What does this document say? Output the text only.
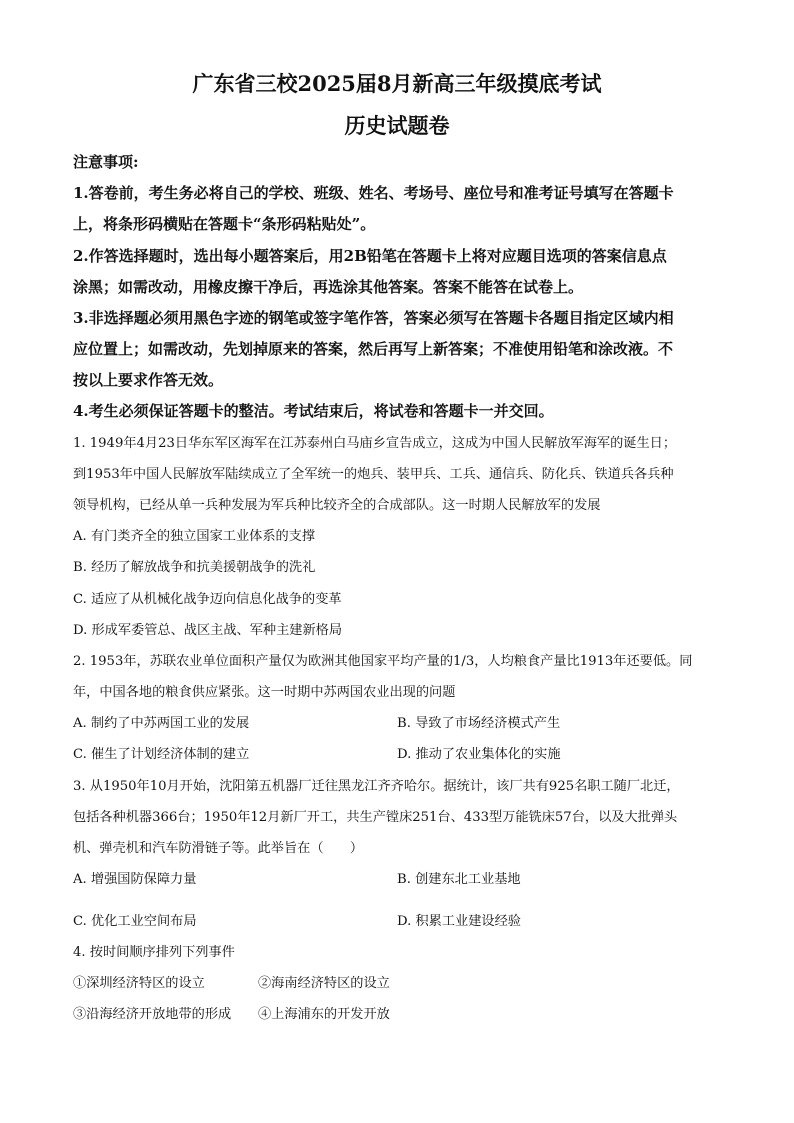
广东省三校2025届8月新高三年级摸底考试
历史试题卷
注意事项:
1.答卷前，考生务必将自己的学校、班级、姓名、考场号、座位号和准考证号填写在答题卡
上，将条形码横贴在答题卡“条形码粘贴处”。
2.作答选择题时，选出每小题答案后，用2B铅笔在答题卡上将对应题目选项的答案信息点
涂黑；如需改动，用橡皮擦干净后，再选涂其他答案。答案不能答在试卷上。
3.非选择题必须用黑色字迹的钢笔或签字笔作答，答案必须写在答题卡各题目指定区域内相
应位置上；如需改动，先划掉原来的答案，然后再写上新答案；不准使用铅笔和涂改液。不
按以上要求作答无效。
4.考生必须保证答题卡的整洁。考试结束后，将试卷和答题卡一并交回。
1. 1949年4月23日华东军区海军在江苏泰州白马庙乡宣告成立，这成为中国人民解放军海军的诞生日；
到1953年中国人民解放军陆续成立了全军统一的炮兵、装甲兵、工兵、通信兵、防化兵、铁道兵各兵种
领导机构，已经从单一兵种发展为军兵种比较齐全的合成部队。这一时期人民解放军的发展
A. 有门类齐全的独立国家工业体系的支撑
B. 经历了解放战争和抗美援朝战争的洗礼
C. 适应了从机械化战争迈向信息化战争的变革
D. 形成军委管总、战区主战、军种主建新格局
2. 1953年，苏联农业单位面积产量仅为欧洲其他国家平均产量的1/3，人均粮食产量比1913年还要低。同
年，中国各地的粮食供应紧张。这一时期中苏两国农业出现的问题
A. 制约了中苏两国工业的发展	B. 导致了市场经济模式产生
C. 催生了计划经济体制的建立	D. 推动了农业集体化的实施
3. 从1950年10月开始，沈阳第五机器厂迁往黑龙江齐齐哈尔。据统计，该厂共有925名职工随厂北迁，
包括各种机器366台；1950年12月新厂开工，共生产镗床251台、433型万能铣床57台，以及大批弹头
机、弹壳机和汽车防滑链子等。此举旨在（　　）
A. 增强国防保障力量	B. 创建东北工业基地
C. 优化工业空间布局	D. 积累工业建设经验
4. 按时间顺序排列下列事件
①深圳经济特区的设立	②海南经济特区的设立
③沿海经济开放地带的形成 ④上海浦东的开发开放
